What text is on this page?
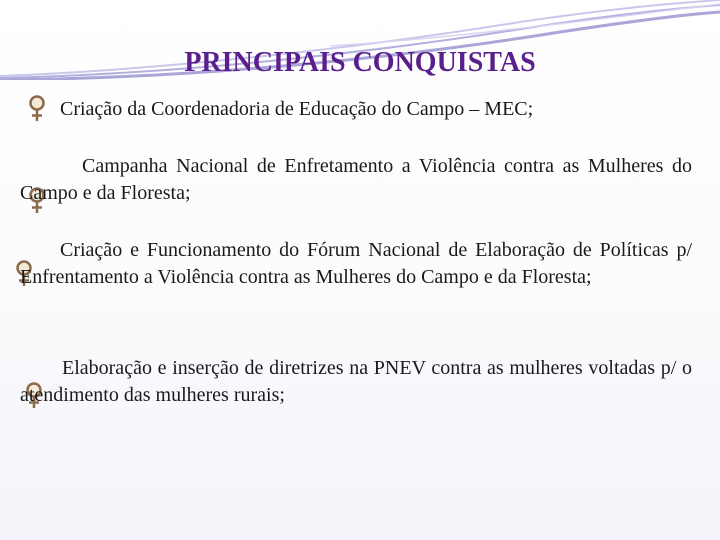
PRINCIPAIS CONQUISTAS
Criação da Coordenadoria de Educação do Campo – MEC;
Campanha Nacional de Enfretamento a Violência contra as Mulheres do Campo e da Floresta;
Criação e Funcionamento do Fórum Nacional de Elaboração de Políticas p/ Enfrentamento a Violência contra as Mulheres do Campo e da Floresta;
Elaboração e inserção de diretrizes na PNEV contra as mulheres voltadas p/ o atendimento das mulheres rurais;
